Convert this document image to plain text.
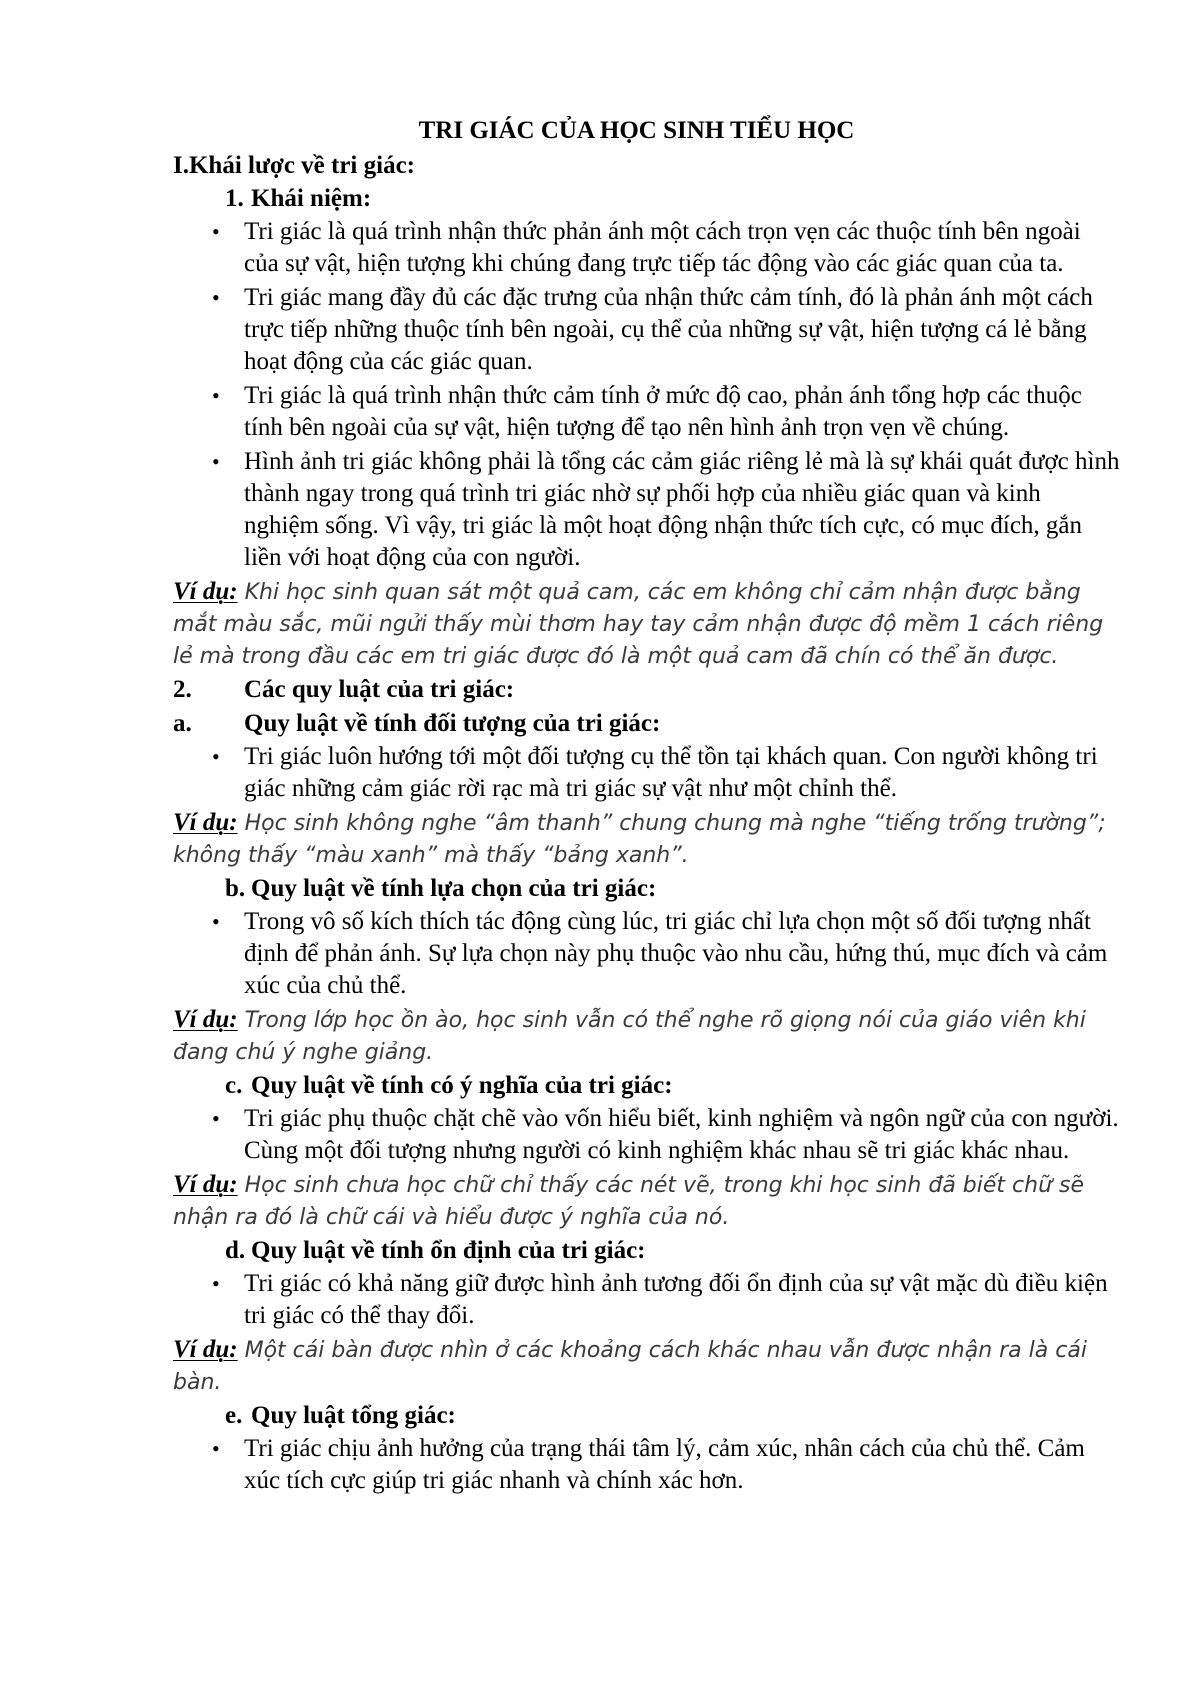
TRI GIÁC CỦA HỌC SINH TIỂU HỌC
I.Khái lược về tri giác:
1. Khái niệm:
• Tri giác là quá trình nhận thức phản ánh một cách trọn vẹn các thuộc tính bên ngoài của sự vật, hiện tượng khi chúng đang trực tiếp tác động vào các giác quan của ta.
• Tri giác mang đầy đủ các đặc trưng của nhận thức cảm tính, đó là phản ánh một cách trực tiếp những thuộc tính bên ngoài, cụ thể của những sự vật, hiện tượng cá lẻ bằng hoạt động của các giác quan.
• Tri giác là quá trình nhận thức cảm tính ở mức độ cao, phản ánh tổng hợp các thuộc tính bên ngoài của sự vật, hiện tượng để tạo nên hình ảnh trọn vẹn về chúng.
• Hình ảnh tri giác không phải là tổng các cảm giác riêng lẻ mà là sự khái quát được hình thành ngay trong quá trình tri giác nhờ sự phối hợp của nhiều giác quan và kinh nghiệm sống. Vì vậy, tri giác là một hoạt động nhận thức tích cực, có mục đích, gắn liền với hoạt động của con người.

Ví dụ: Khi học sinh quan sát một quả cam, các em không chỉ cảm nhận được bằng mắt màu sắc, mũi ngửi thấy mùi thơm hay tay cảm nhận được độ mềm 1 cách riêng lẻ mà trong đầu các em tri giác được đó là một quả cam đã chín có thể ăn được.

2. Các quy luật của tri giác:
a. Quy luật về tính đối tượng của tri giác:
• Tri giác luôn hướng tới một đối tượng cụ thể tồn tại khách quan. Con người không tri giác những cảm giác rời rạc mà tri giác sự vật như một chỉnh thể.

Ví dụ: Học sinh không nghe “âm thanh” chung chung mà nghe “tiếng trống trường”; không thấy “màu xanh” mà thấy “bảng xanh”.

b. Quy luật về tính lựa chọn của tri giác:
• Trong vô số kích thích tác động cùng lúc, tri giác chỉ lựa chọn một số đối tượng nhất định để phản ánh. Sự lựa chọn này phụ thuộc vào nhu cầu, hứng thú, mục đích và cảm xúc của chủ thể.

Ví dụ: Trong lớp học ồn ào, học sinh vẫn có thể nghe rõ giọng nói của giáo viên khi đang chú ý nghe giảng.

c. Quy luật về tính có ý nghĩa của tri giác:
• Tri giác phụ thuộc chặt chẽ vào vốn hiểu biết, kinh nghiệm và ngôn ngữ của con người. Cùng một đối tượng nhưng người có kinh nghiệm khác nhau sẽ tri giác khác nhau.

Ví dụ: Học sinh chưa học chữ chỉ thấy các nét vẽ, trong khi học sinh đã biết chữ sẽ nhận ra đó là chữ cái và hiểu được ý nghĩa của nó.

d. Quy luật về tính ổn định của tri giác:
• Tri giác có khả năng giữ được hình ảnh tương đối ổn định của sự vật mặc dù điều kiện tri giác có thể thay đổi.

Ví dụ: Một cái bàn được nhìn ở các khoảng cách khác nhau vẫn được nhận ra là cái bàn.

e. Quy luật tổng giác:
• Tri giác chịu ảnh hưởng của trạng thái tâm lý, cảm xúc, nhân cách của chủ thể. Cảm xúc tích cực giúp tri giác nhanh và chính xác hơn.
